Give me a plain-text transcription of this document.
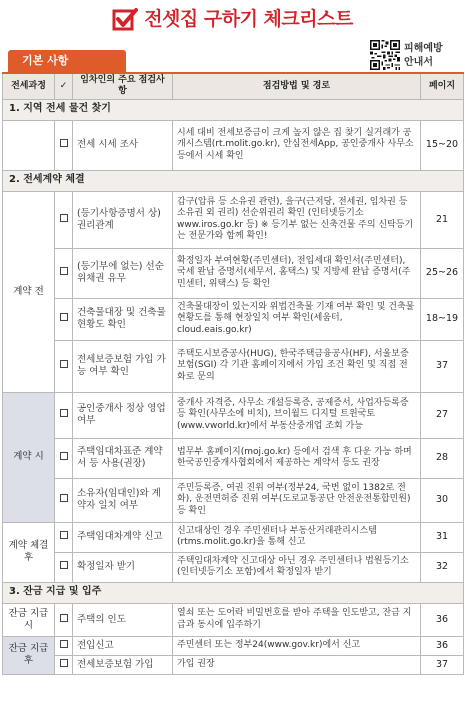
전셋집 구하기 체크리스트
기본 사항
피해예방
안내서
전세과정	✓	임차인의 주요 점검사항	점검방법 및 경로	페이지
1. 지역 전세 물건 찾기				
		전세 시세 조사	시세 대비 전세보증금이 크게 높지 않은 집 찾기 실거래가 공개시스템(rt.molit.go.kr), 안심전세App, 공인중개사 사무소 등에서 시세 확인	15~20
2. 전세계약 체결				
계약 전		(등기사항증명서 상) 권리관계	갑구(압류 등 소유권 관련), 을구(근저당, 전세권, 임차권 등 소유권 외 권리) 선순위권리 확인 (인터넷등기소 www.iros.go.kr 등) ※ 등기부 없는 신축건물 주의 신탁등기는 전문가와 함께 확인!	21
		(등기부에 없는) 선순위채권 유무	확정일자 부여현황(주민센터), 전입세대 확인서(주민센터), 국세 완납 증명서(세무서, 홈택스) 및 지방세 완납 증명서(주민센터, 위택스) 등 확인	25~26
		건축물대장 및 건축물 현황도 확인	건축물대장이 있는지와 위법건축물 기재 여부 확인 및 건축물 현황도를 통해 현장일치 여부 확인(세움터, cloud.eais.go.kr)	18~19
		전세보증보험 가입 가능 여부 확인	주택도시보증공사(HUG), 한국주택금융공사(HF), 서울보증보험(SGI) 각 기관 홈페이지에서 가입 조건 확인 및 직접 전화로 문의	37
계약 시		공인중개사 정상 영업 여부	중개사 자격증, 사무소 개설등록증, 공제증서, 사업자등록증 등 확인(사무소에 비치), 브이월드 디지털 트윈국토(www.vworld.kr)에서 부동산중개업 조회 가능	27
		주택임대차표준 계약서 등 사용(권장)	법무부 홈페이지(moj.go.kr) 등에서 검색 후 다운 가능 하며 한국공인중개사협회에서 제공하는 계약서 등도 권장	28
		소유자(임대인)와 계약자 일치 여부	주민등록증, 여권 진위 여부(정부24, 국번 없이 1382로 전화), 운전면허증 진위 여부(도로교통공단 안전운전통합민원) 등 확인	30
계약 체결 후		주택임대차계약 신고	신고대상인 경우 주민센터나 부동산거래관리시스템(rtms.molit.go.kr)을 통해 신고	31
		확정일자 받기	주택임대차계약 신고대상 아닌 경우 주민센터나 법원등기소(인터넷등기소 포함)에서 확정일자 받기	32
3. 잔금 지급 및 입주				
잔금 지급 시		주택의 인도	열쇠 또는 도어락 비밀번호를 받아 주택을 인도받고, 잔금 지급과 동시에 입주하기	36
잔금 지급 후		전입신고	주민센터 또는 정부24(www.gov.kr)에서 신고	36
		전세보증보험 가입	가입 권장	37
